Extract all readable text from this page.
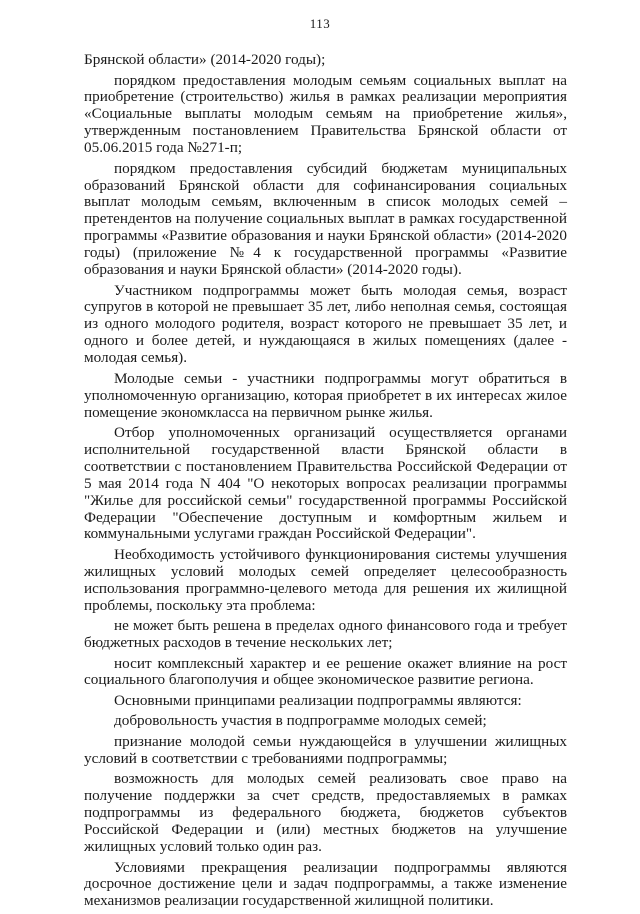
113

Брянской области» (2014-2020 годы);

порядком предоставления молодым семьям социальных выплат на приобретение (строительство) жилья в рамках реализации мероприятия «Социальные выплаты молодым семьям на приобретение жилья», утвержденным постановлением Правительства Брянской области от 05.06.2015 года №271-п;

порядком предоставления субсидий бюджетам муниципальных образований Брянской области для софинансирования социальных выплат молодым семьям, включенным в список молодых семей – претендентов на получение социальных выплат в рамках государственной программы «Развитие образования и науки Брянской области» (2014-2020 годы) (приложение №4 к государственной программы «Развитие образования и науки Брянской области» (2014-2020 годы).

Участником подпрограммы может быть молодая семья, возраст супругов в которой не превышает 35 лет, либо неполная семья, состоящая из одного молодого родителя, возраст которого не превышает 35 лет, и одного и более детей, и нуждающаяся в жилых помещениях (далее - молодая семья).

Молодые семьи - участники подпрограммы могут обратиться в уполномоченную организацию, которая приобретет в их интересах жилое помещение экономкласса на первичном рынке жилья.

Отбор уполномоченных организаций осуществляется органами исполнительной государственной власти Брянской области в соответствии с постановлением Правительства Российской Федерации от 5 мая 2014 года N 404 "О некоторых вопросах реализации программы "Жилье для российской семьи" государственной программы Российской Федерации "Обеспечение доступным и комфортным жильем и коммунальными услугами граждан Российской Федерации".

Необходимость устойчивого функционирования системы улучшения жилищных условий молодых семей определяет целесообразность использования программно-целевого метода для решения их жилищной проблемы, поскольку эта проблема:

не может быть решена в пределах одного финансового года и требует бюджетных расходов в течение нескольких лет;

носит комплексный характер и ее решение окажет влияние на рост социального благополучия и общее экономическое развитие региона.

Основными принципами реализации подпрограммы являются:

добровольность участия в подпрограмме молодых семей;

признание молодой семьи нуждающейся в улучшении жилищных условий в соответствии с требованиями подпрограммы;

возможность для молодых семей реализовать свое право на получение поддержки за счет средств, предоставляемых в рамках подпрограммы из федерального бюджета, бюджетов субъектов Российской Федерации и (или) местных бюджетов на улучшение жилищных условий только один раз.

Условиями прекращения реализации подпрограммы являются досрочное достижение цели и задач подпрограммы, а также изменение механизмов реализации государственной жилищной политики.
